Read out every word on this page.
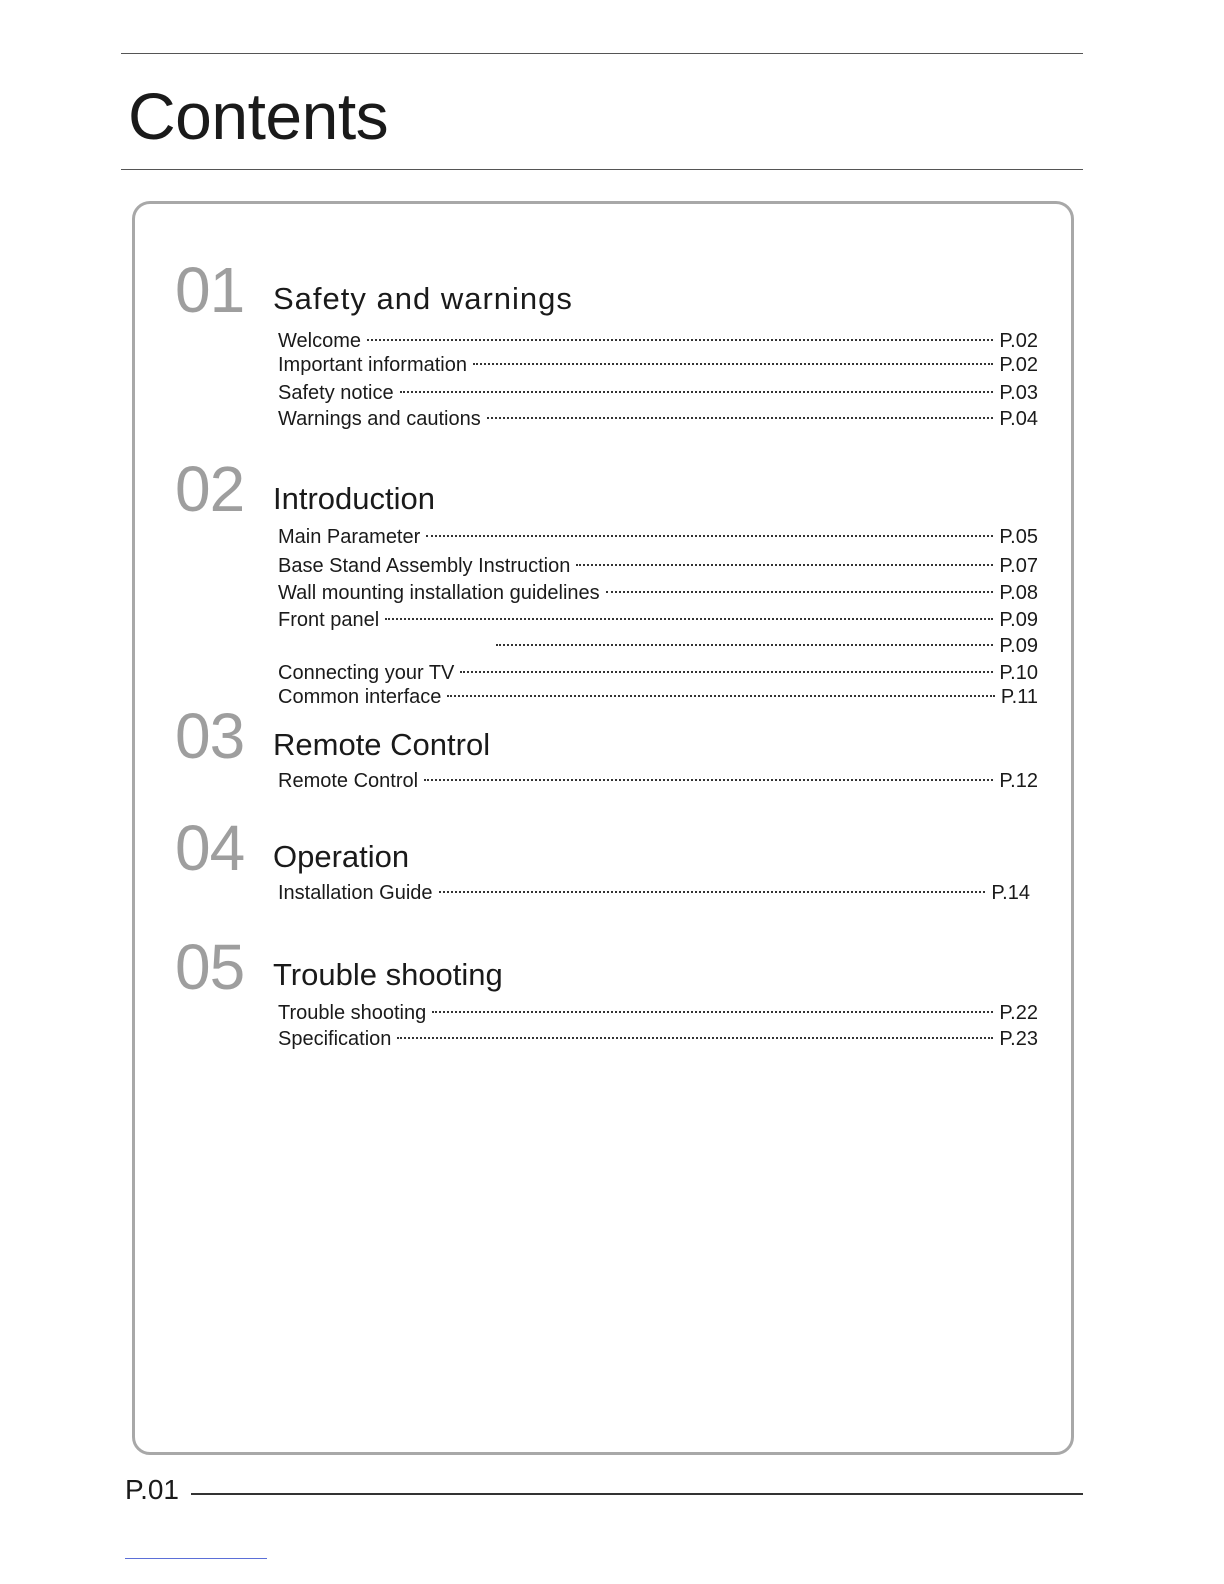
Contents
01 Safety and warnings
Welcome	P.02
Important information	P.02
Safety notice	P.03
Warnings and cautions	P.04
02 Introduction
Main Parameter	P.05
Base Stand Assembly Instruction	P.07
Wall mounting installation guidelines	P.08
Front panel	P.09
P.09
Connecting your TV	P.10
Common interface	P.11
03 Remote Control
Remote Control	P.12
04 Operation
Installation Guide	P.14
05 Trouble shooting
Trouble shooting	P.22
Specification	P.23
P.01
